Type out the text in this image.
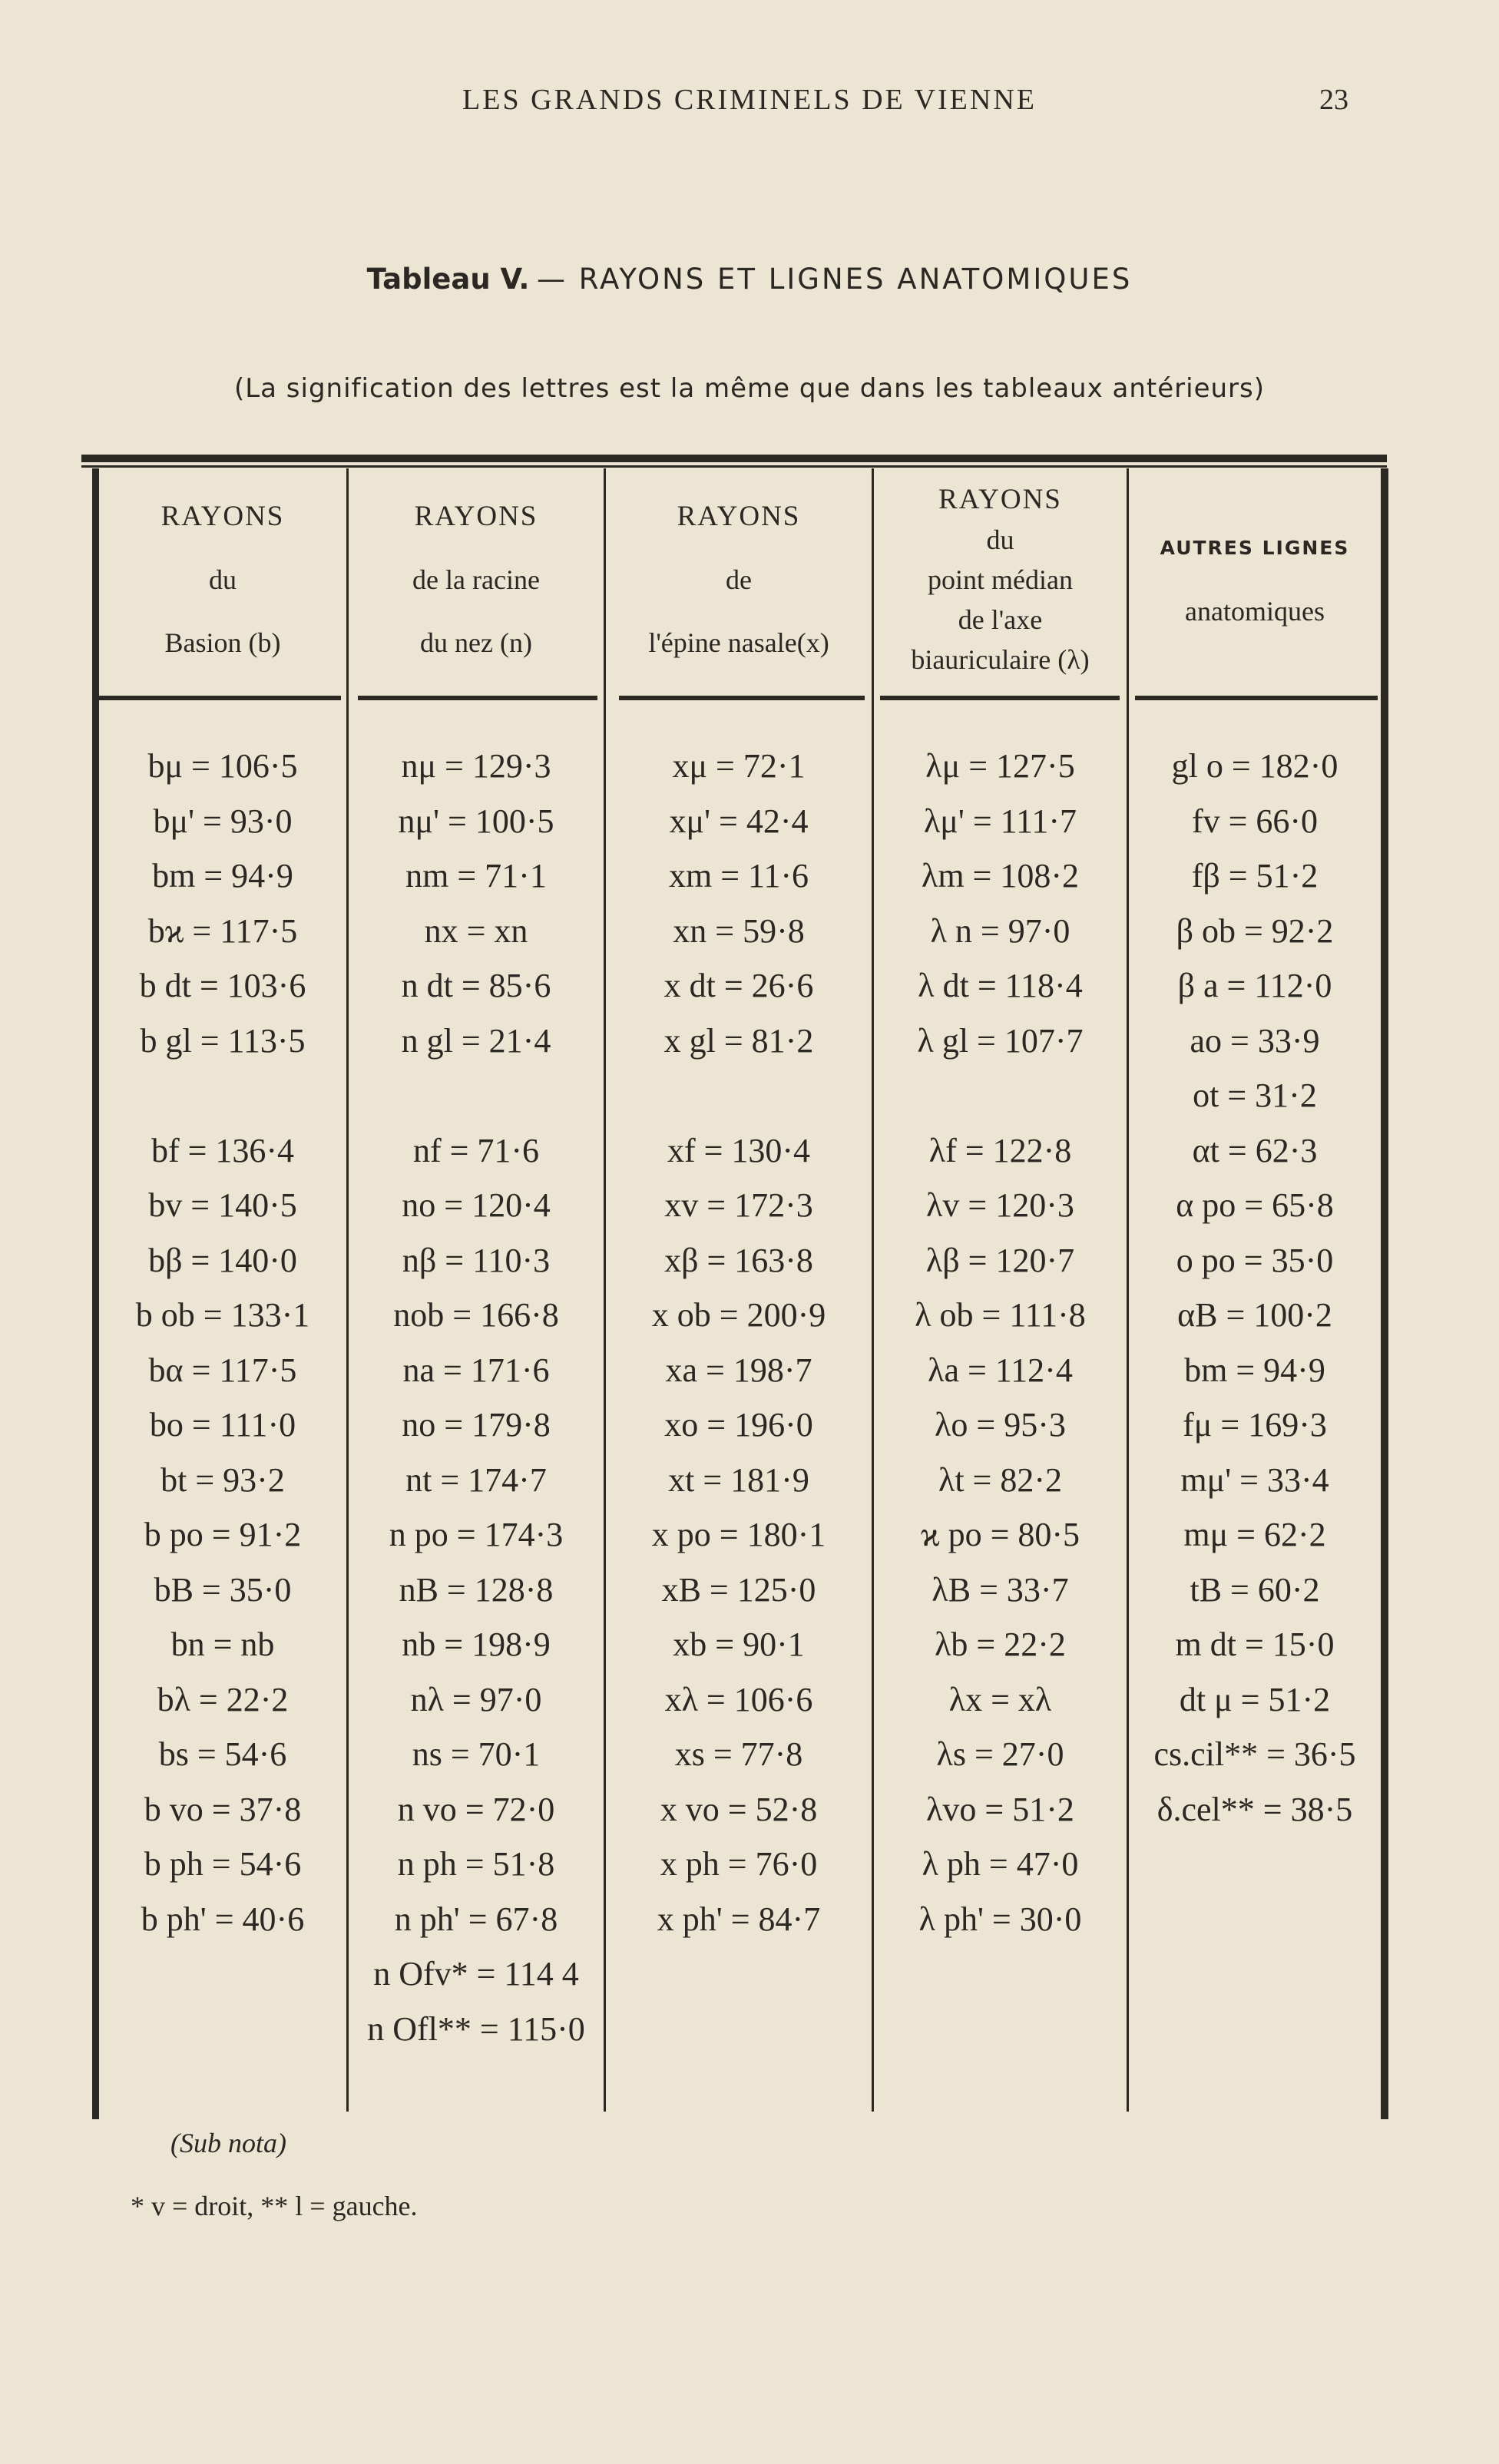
LES GRANDS CRIMINELS DE VIENNE	23
Tableau V. — RAYONS ET LIGNES ANATOMIQUES
(La signification des lettres est la même que dans les tableaux antérieurs)
RAYONS
du
Basion (b)
RAYONS
de la racine
du nez (n)
RAYONS
de
l'épine nasale(x)
RAYONS
du
point médian
de l'axe
biauriculaire (λ)
AUTRES LIGNES
anatomiques
bμ = 106·5
bμ' = 93·0
bm = 94·9
bϰ = 117·5
b dt = 103·6
b gl = 113·5
bf = 136·4
bv = 140·5
bβ = 140·0
b ob = 133·1
bα = 117·5
bo = 111·0
bt = 93·2
b po = 91·2
bB = 35·0
bn = nb
bλ = 22·2
bs = 54·6
b vo = 37·8
b ph = 54·6
b ph' = 40·6
nμ = 129·3
nμ' = 100·5
nm = 71·1
nx = xn
n dt = 85·6
n gl = 21·4
nf = 71·6
no = 120·4
nβ = 110·3
nob = 166·8
na = 171·6
no = 179·8
nt = 174·7
n po = 174·3
nB = 128·8
nb = 198·9
nλ = 97·0
ns = 70·1
n vo = 72·0
n ph = 51·8
n ph' = 67·8
n Ofv* = 114 4
n Ofl** = 115·0
xμ = 72·1
xμ' = 42·4
xm = 11·6
xn = 59·8
x dt = 26·6
x gl = 81·2
xf = 130·4
xv = 172·3
xβ = 163·8
x ob = 200·9
xa = 198·7
xo = 196·0
xt = 181·9
x po = 180·1
xB = 125·0
xb = 90·1
xλ = 106·6
xs = 77·8
x vo = 52·8
x ph = 76·0
x ph' = 84·7
λμ = 127·5
λμ' = 111·7
λm = 108·2
λ n = 97·0
λ dt = 118·4
λ gl = 107·7
λf = 122·8
λv = 120·3
λβ = 120·7
λ ob = 111·8
λa = 112·4
λo = 95·3
λt = 82·2
ϰ po = 80·5
λB = 33·7
λb = 22·2
λx = xλ
λs = 27·0
λvo = 51·2
λ ph = 47·0
λ ph' = 30·0
gl o = 182·0
fv = 66·0
fβ = 51·2
β ob = 92·2
β a = 112·0
ao = 33·9
ot = 31·2
αt = 62·3
α po = 65·8
o po = 35·0
αB = 100·2
bm = 94·9
fμ = 169·3
mμ' = 33·4
mμ = 62·2
tB = 60·2
m dt = 15·0
dt μ = 51·2
cs.cil** = 36·5
δ.cel** = 38·5
(Sub nota)
* v = droit, ** l = gauche.
